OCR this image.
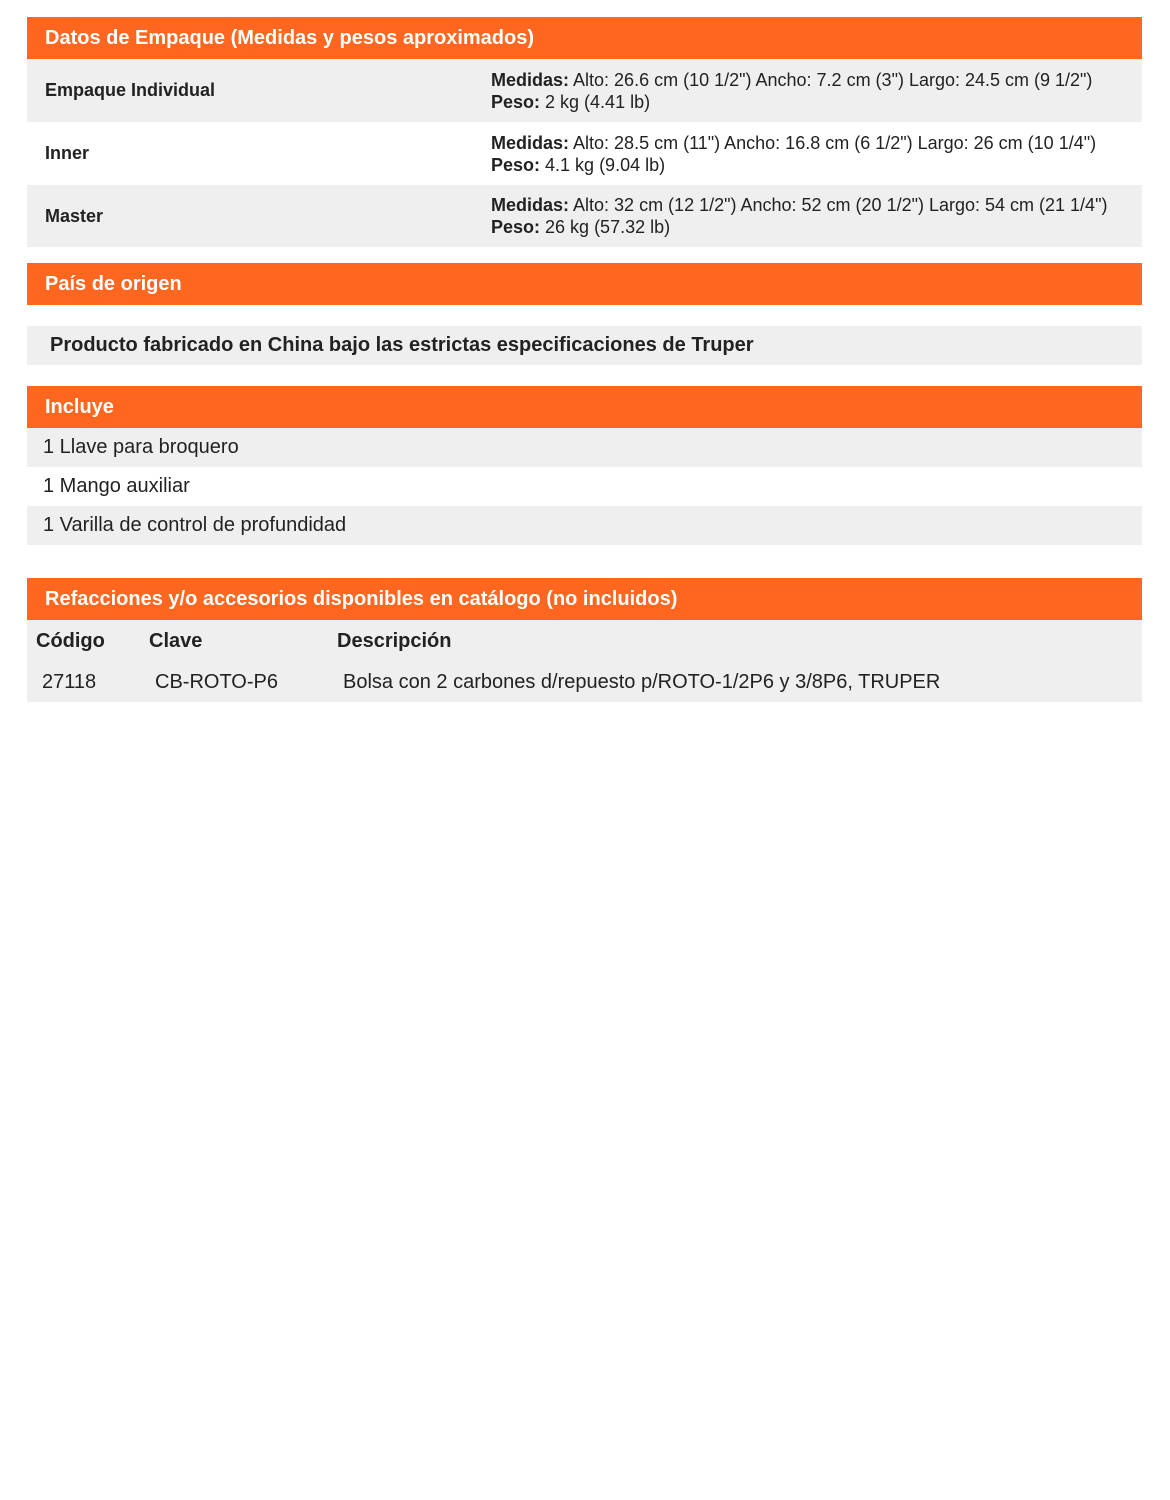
Datos de Empaque (Medidas y pesos aproximados)
Empaque Individual
Medidas: Alto: 26.6 cm (10 1/2") Ancho: 7.2 cm (3") Largo: 24.5 cm (9 1/2")
Peso: 2 kg (4.41 lb)
Inner
Medidas: Alto: 28.5 cm (11") Ancho: 16.8 cm (6 1/2") Largo: 26 cm (10 1/4")
Peso: 4.1 kg (9.04 lb)
Master
Medidas: Alto: 32 cm (12 1/2") Ancho: 52 cm (20 1/2") Largo: 54 cm (21 1/4") Peso: 26 kg (57.32 lb)
País de origen
Producto fabricado en China bajo las estrictas especificaciones de Truper
Incluye
1 Llave para broquero
1 Mango auxiliar
1 Varilla de control de profundidad
Refacciones y/o accesorios disponibles en catálogo (no incluidos)
Código	Clave	Descripción
27118	CB-ROTO-P6	Bolsa con 2 carbones d/repuesto p/ROTO-1/2P6 y 3/8P6, TRUPER
